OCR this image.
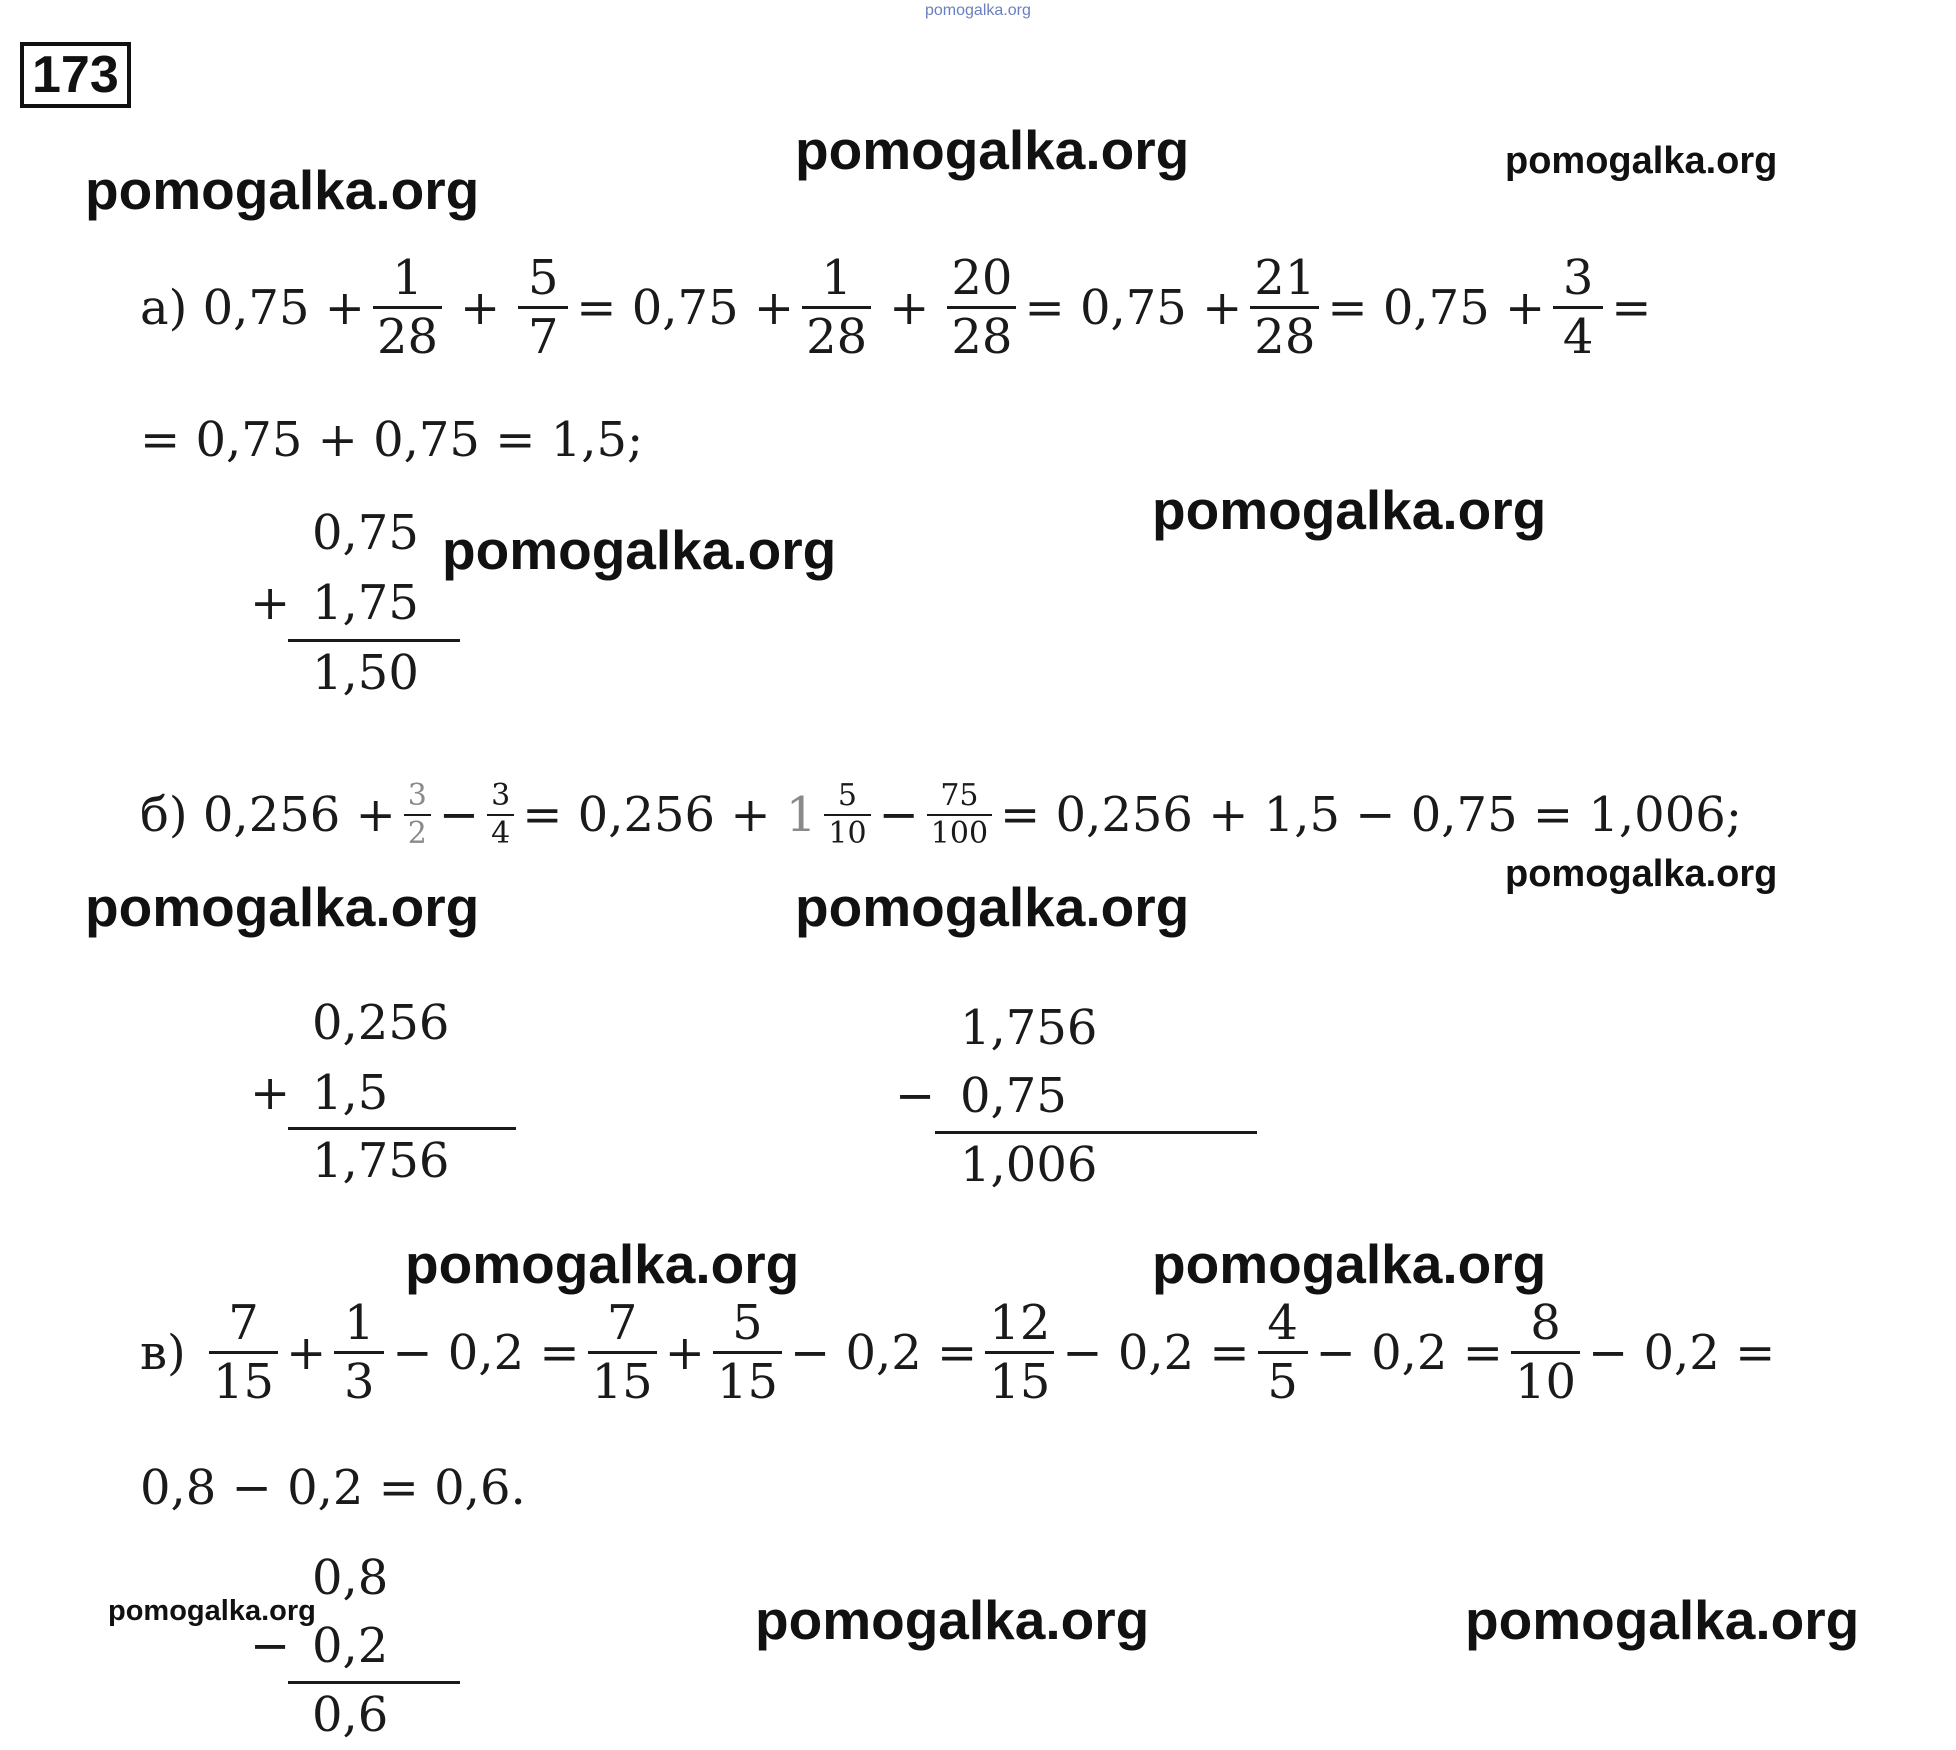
173
pomogalka.org
pomogalka.org	pomogalka.org
pomogalka.org
pomogalka.org
pomogalka.org
pomogalka.org
pomogalka.org	pomogalka.org
pomogalka.org	pomogalka.org
pomogalka.org	pomogalka.org	pomogalka.org
а)
$0,75 + \frac{1}{28} + \frac{5}{7} = 0,75 + \frac{1}{28} + \frac{20}{28} = 0,75 + \frac{21}{28} = 0,75 + \frac{3}{4}$ =
= 0,75 + 0,75 = 1,5;
0,75
+ 1,75
1,50
б)
$0,256 + \frac{3}{2} - \frac{3}{4} = 0,256$ +
$1 \frac{5}{10} - \frac{75}{100} = 0,256 + 1,5 - 0,75 = 1,006$;
0,256
+ 1,5
1,756
1,756
− 0,75
1,006
в)
$\frac{7}{15} + \frac{1}{3} - 0,2 = \frac{7}{15} + \frac{5}{15} - 0,2 = \frac{12}{15} - 0,2 = \frac{4}{5} - 0,2 = \frac{8}{10} - 0,2$ =
0,8 − 0,2 = 0,6.
0,8
− 0,2
0,6
